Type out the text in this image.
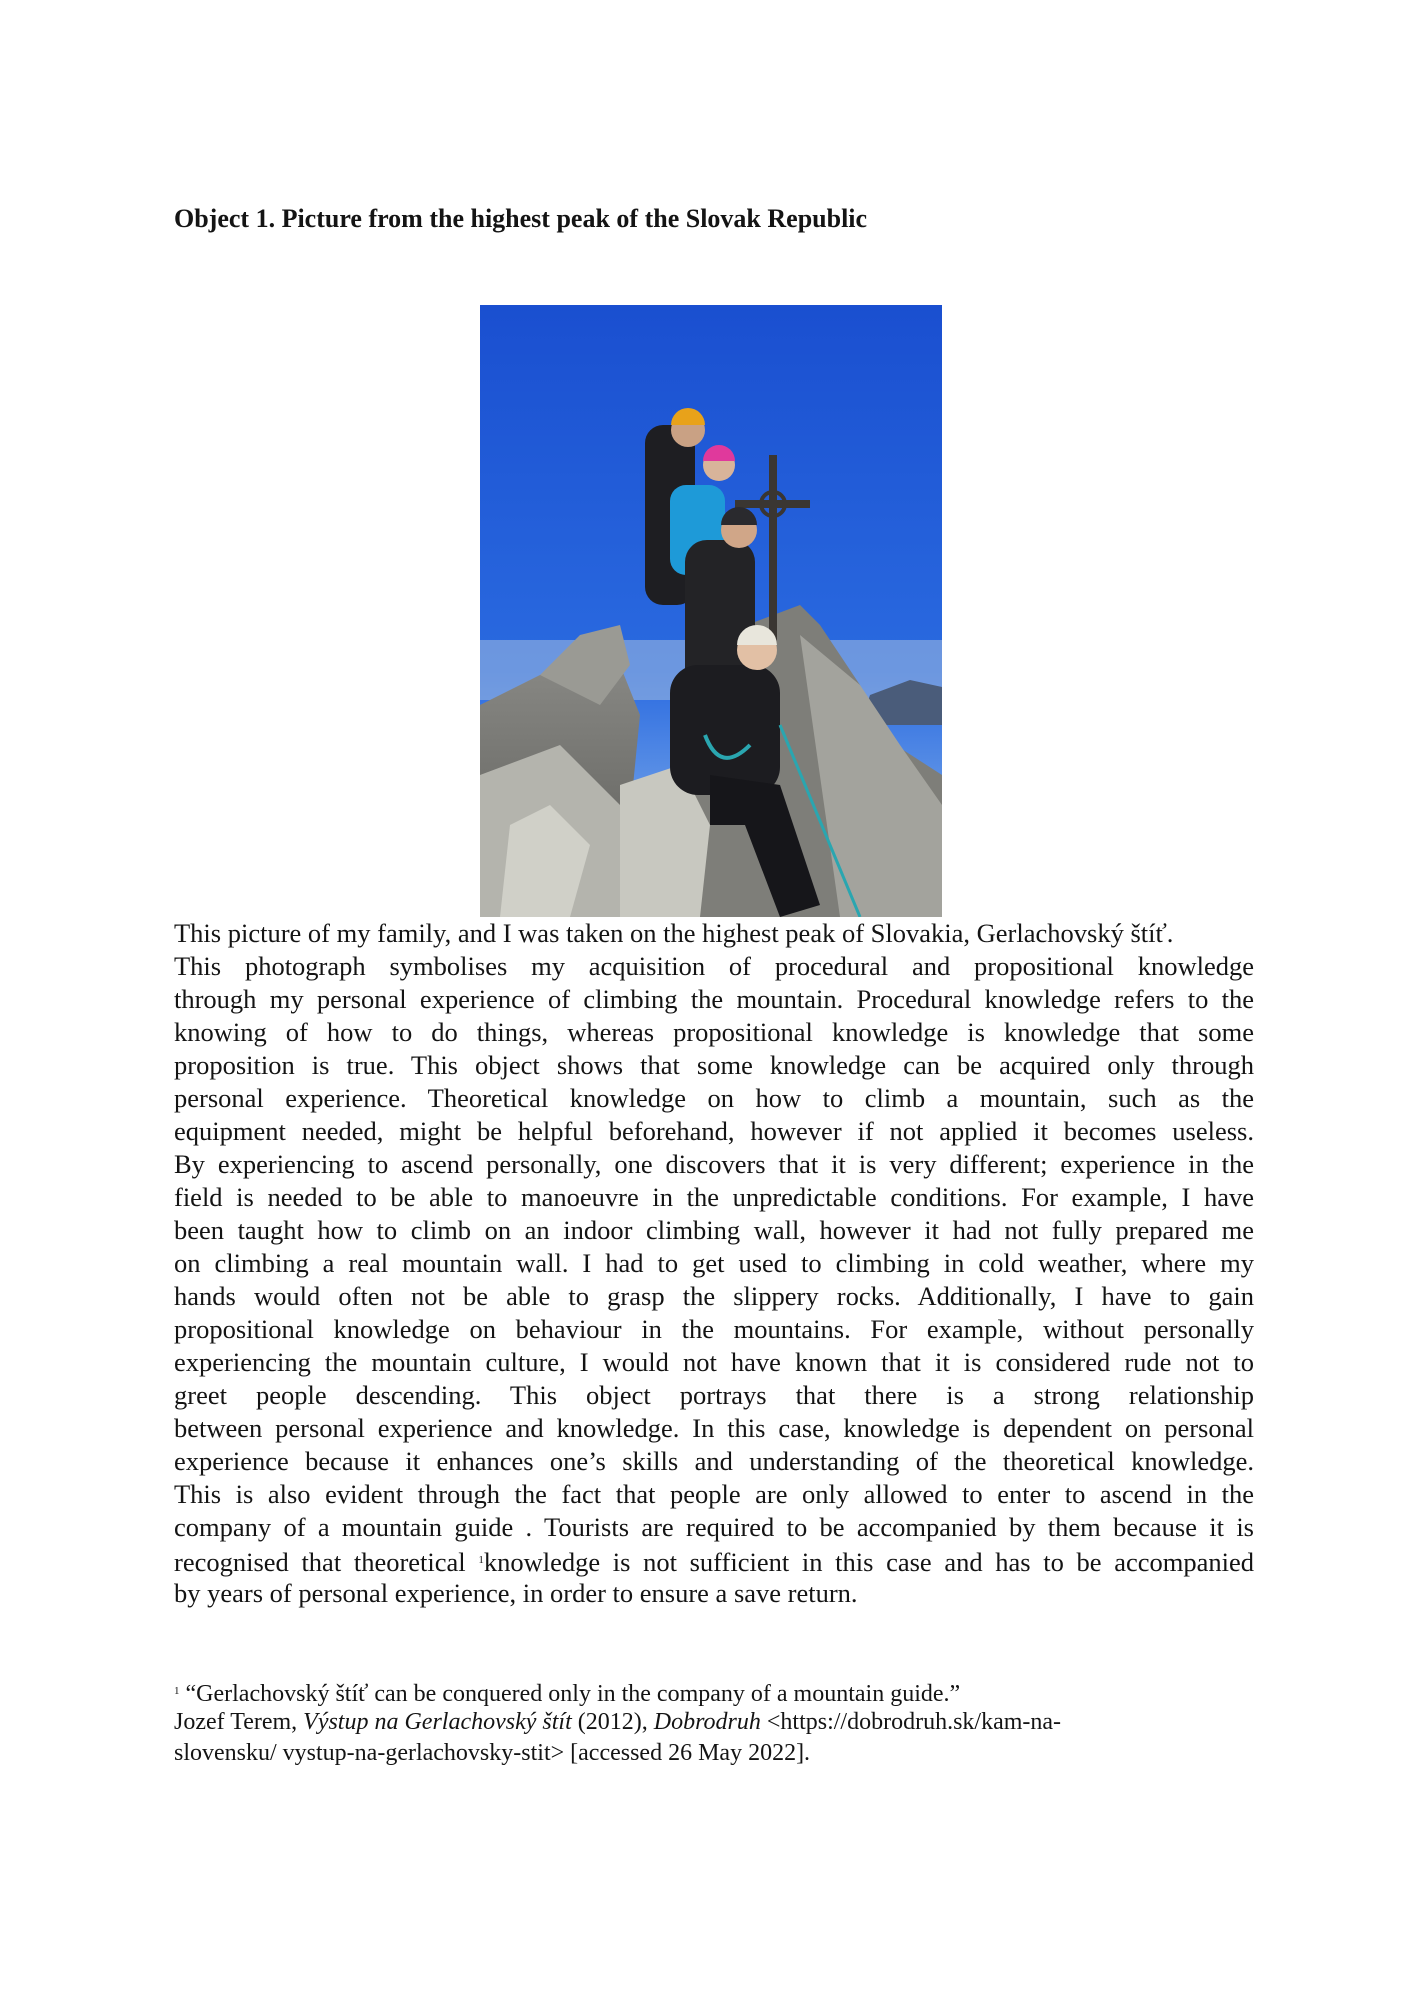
Object 1. Picture from the highest peak of the Slovak Republic
This picture of my family, and I was taken on the highest peak of Slovakia, Gerlachovský štíť.
This photograph symbolises my acquisition of procedural and propositional knowledge
through my personal experience of climbing the mountain. Procedural knowledge refers to the
knowing of how to do things, whereas propositional knowledge is knowledge that some
proposition is true. This object shows that some knowledge can be acquired only through
personal experience. Theoretical knowledge on how to climb a mountain, such as the
equipment needed, might be helpful beforehand, however if not applied it becomes useless.
By experiencing to ascend personally, one discovers that it is very different; experience in the
field is needed to be able to manoeuvre in the unpredictable conditions. For example, I have
been taught how to climb on an indoor climbing wall, however it had not fully prepared me
on climbing a real mountain wall. I had to get used to climbing in cold weather, where my
hands would often not be able to grasp the slippery rocks. Additionally, I have to gain
propositional knowledge on behaviour in the mountains. For example, without personally
experiencing the mountain culture, I would not have known that it is considered rude not to
greet people descending. This object portrays that there is a strong relationship
between personal experience and knowledge. In this case, knowledge is dependent on personal
experience because it enhances one’s skills and understanding of the theoretical knowledge.
This is also evident through the fact that people are only allowed to enter to ascend in the
company of a mountain guide . Tourists are required to be accompanied by them because it is
recognised that theoretical $^1$knowledge is not sufficient in this case and has to be accompanied
by years of personal experience, in order to ensure a save return.
$^1$ “Gerlachovský štíť can be conquered only in the company of a mountain guide.”
Jozef Terem, Výstup na Gerlachovský štít (2012), Dobrodruh <https://dobrodruh.sk/kam-na-
slovensku/ vystup-na-gerlachovsky-stit> [accessed 26 May 2022].
